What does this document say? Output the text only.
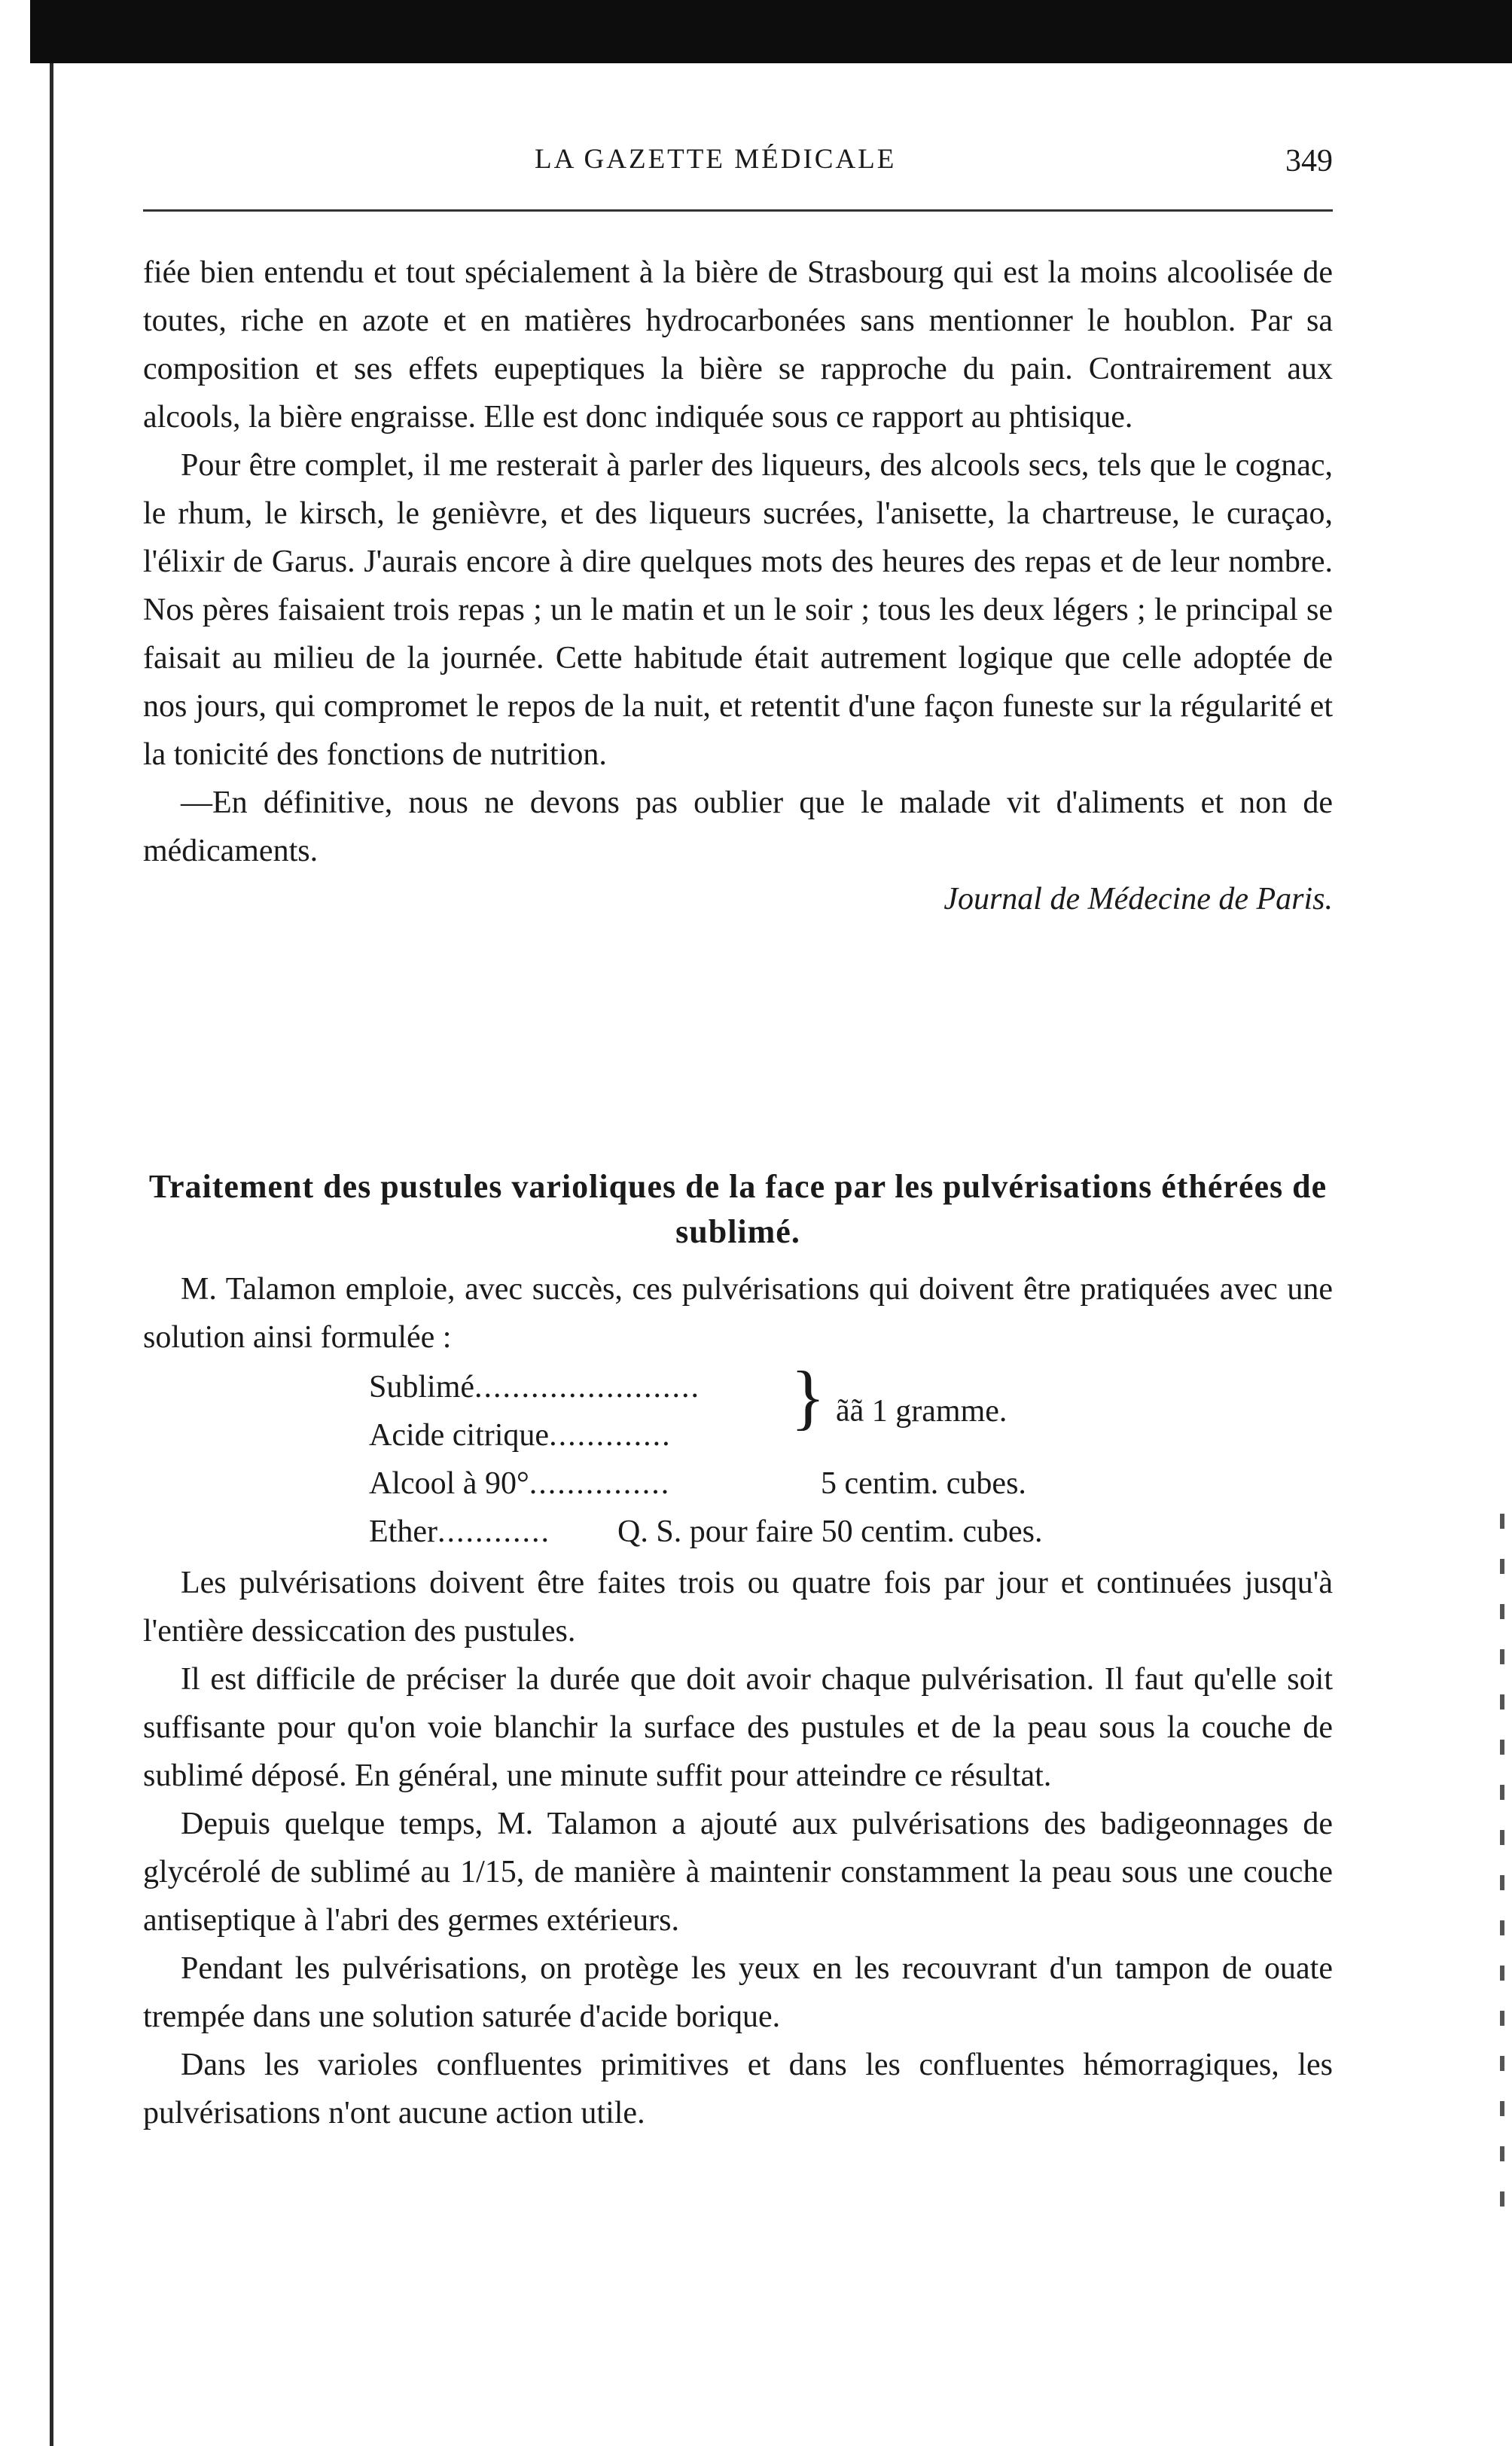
LA GAZETTE MÉDICALE	349

fiée bien entendu et tout spécialement à la bière de Strasbourg qui est la moins alcoolisée de toutes, riche en azote et en matières hydrocarbonées sans mentionner le houblon. Par sa composition et ses effets eupeptiques la bière se rapproche du pain. Contrairement aux alcools, la bière engraisse. Elle est donc indiquée sous ce rapport au phtisique.

Pour être complet, il me resterait à parler des liqueurs, des alcools secs, tels que le cognac, le rhum, le kirsch, le genièvre, et des liqueurs sucrées, l'anisette, la chartreuse, le curaçao, l'élixir de Garus. J'aurais encore à dire quelques mots des heures des repas et de leur nombre. Nos pères faisaient trois repas ; un le matin et un le soir ; tous les deux légers ; le principal se faisait au milieu de la journée. Cette habitude était autrement logique que celle adoptée de nos jours, qui compromet le repos de la nuit, et retentit d'une façon funeste sur la régularité et la tonicité des fonctions de nutrition.

—En définitive, nous ne devons pas oublier que le malade vit d'aliments et non de médicaments.

Journal de Médecine de Paris.

Traitement des pustules varioliques de la face par les pulvérisations éthérées de sublimé.

M. Talamon emploie, avec succès, ces pulvérisations qui doivent être pratiquées avec une solution ainsi formulée :

Sublimé........................
Acide citrique............. } ãã 1 gramme.
Alcool à 90°...............	5 centim. cubes.
Ether............ Q. S. pour faire 50 centim. cubes.

Les pulvérisations doivent être faites trois ou quatre fois par jour et continuées jusqu'à l'entière dessiccation des pustules.

Il est difficile de préciser la durée que doit avoir chaque pulvérisation. Il faut qu'elle soit suffisante pour qu'on voie blanchir la surface des pustules et de la peau sous la couche de sublimé déposé. En général, une minute suffit pour atteindre ce résultat.

Depuis quelque temps, M. Talamon a ajouté aux pulvérisations des badigeonnages de glycérolé de sublimé au 1/15, de manière à maintenir constamment la peau sous une couche antiseptique à l'abri des germes extérieurs.

Pendant les pulvérisations, on protège les yeux en les recouvrant d'un tampon de ouate trempée dans une solution saturée d'acide borique.

Dans les varioles confluentes primitives et dans les confluentes hémorragiques, les pulvérisations n'ont aucune action utile.
